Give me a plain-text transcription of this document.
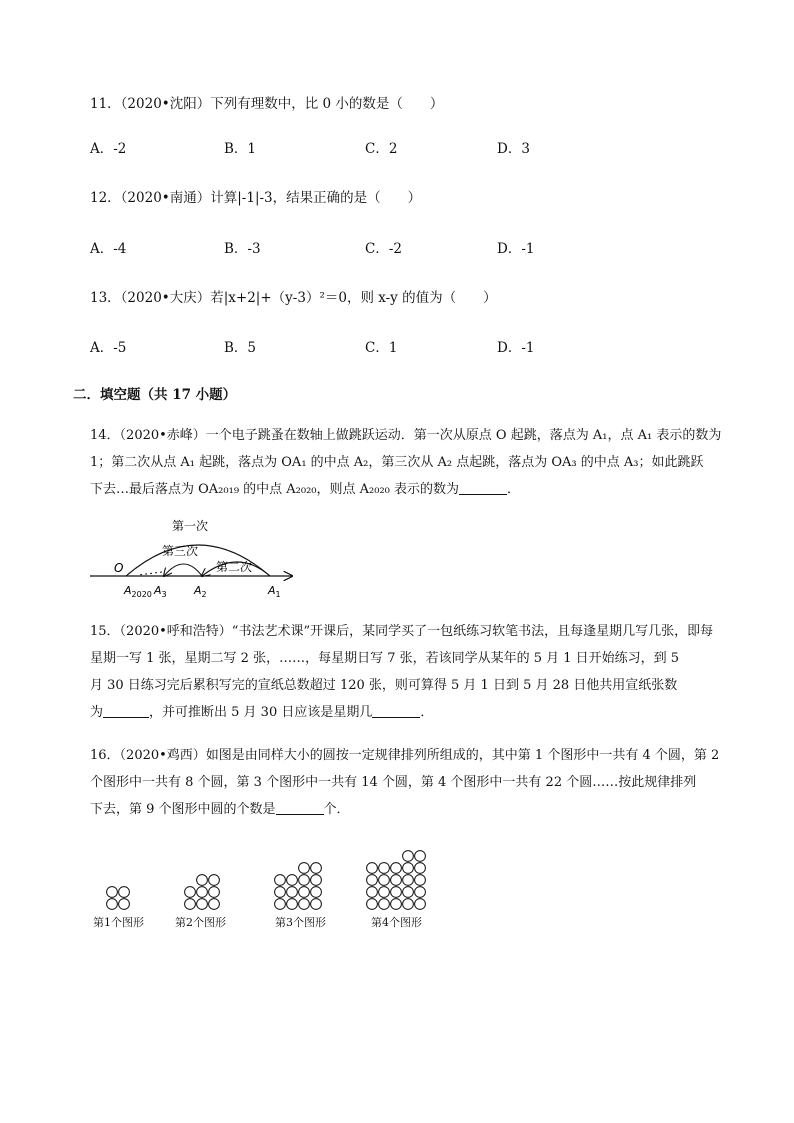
11．（2020•沈阳）下列有理数中，比 0 小的数是（　　）
A．-2	B．1	C．2	D．3
12．（2020•南通）计算|-1|-3，结果正确的是（　　）
A．-4	B．-3	C．-2	D．-1
13．（2020•大庆）若|x+2|+（y-3）²＝0，则 x-y 的值为（　　）
A．-5	B．5	C．1	D．-1
二．填空题（共 17 小题）
14．（2020•赤峰）一个电子跳蚤在数轴上做跳跃运动．第一次从原点 O 起跳，落点为 A₁，点 A₁ 表示的数为
1；第二次从点 A₁ 起跳，落点为 OA₁ 的中点 A₂，第三次从 A₂ 点起跳，落点为 OA₃ 的中点 A₃；如此跳跃
下去…最后落点为 OA₂₀₁₉ 的中点 A₂₀₂₀，则点 A₂₀₂₀ 表示的数为	．
第一次
第三次
第二次
O
$A_{2020}$ $A_3$ $A_2$	$A_1$
15．（2020•呼和浩特）“书法艺术课”开课后，某同学买了一包纸练习软笔书法，且每逢星期几写几张，即每
星期一写 1 张，星期二写 2 张，……，每星期日写 7 张，若该同学从某年的 5 月 1 日开始练习，到 5
月 30 日练习完后累积写完的宣纸总数超过 120 张，则可算得 5 月 1 日到 5 月 28 日他共用宣纸张数
为	，并可推断出 5 月 30 日应该是星期几	．
16．（2020•鸡西）如图是由同样大小的圆按一定规律排列所组成的，其中第 1 个图形中一共有 4 个圆，第 2
个图形中一共有 8 个圆，第 3 个图形中一共有 14 个圆，第 4 个图形中一共有 22 个圆……按此规律排列
下去，第 9 个图形中圆的个数是	个．
第1个图形	第2个图形	第3个图形	第4个图形
